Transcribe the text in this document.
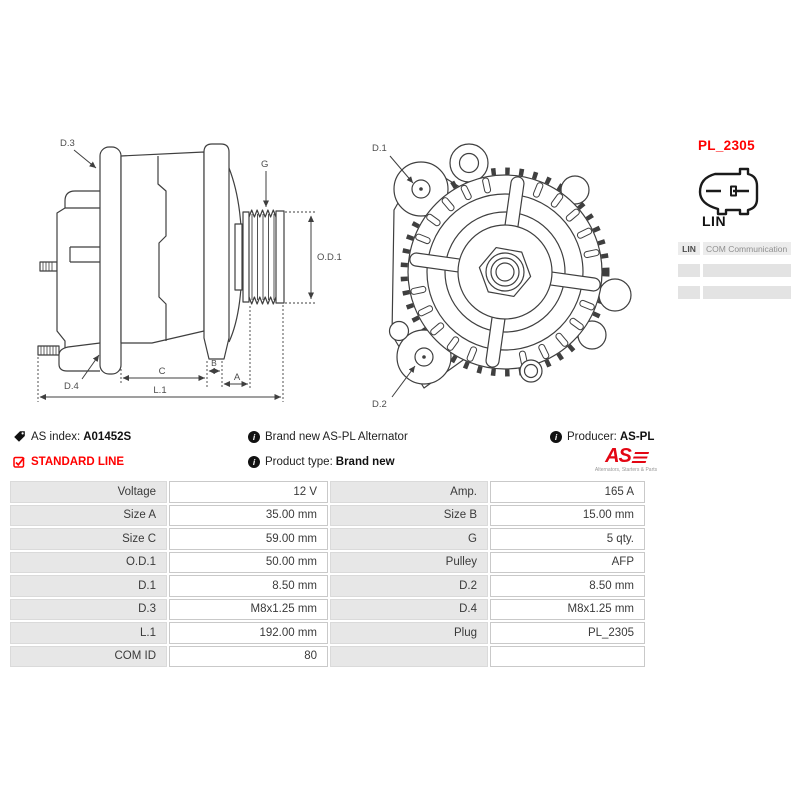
D.3
D.4
G
O.D.1
C
B
A
L.1
D.1
D.2
PL_2305
LIN
LIN	COM Communication
AS index: A01452S
STANDARD LINE
i Brand new AS-PL Alternator
i Product type: Brand new
i Producer: AS-PL
AS
Alternators, Starters & Parts
Voltage	12 V	Amp.	165 A
Size A	35.00 mm	Size B	15.00 mm
Size C	59.00 mm	G	5 qty.
O.D.1	50.00 mm	Pulley	AFP
D.1	8.50 mm	D.2	8.50 mm
D.3	M8x1.25 mm	D.4	M8x1.25 mm
L.1	192.00 mm	Plug	PL_2305
COM ID	80
